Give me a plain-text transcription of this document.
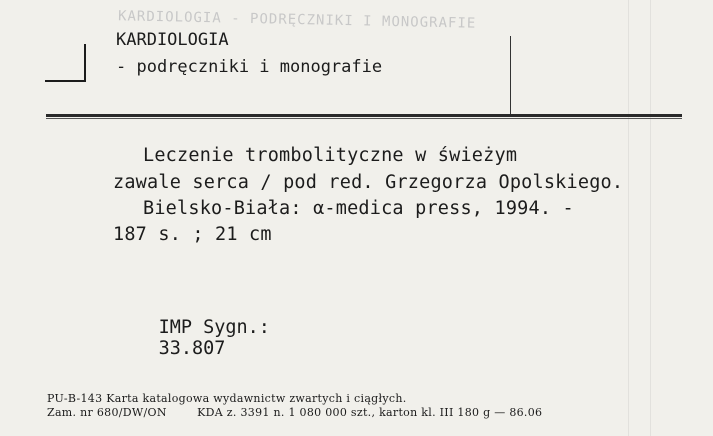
KARDIOLOGIA - PODRĘCZNIKI I MONOGRAFIE
KARDIOLOGIA
- podręczniki i monografie
Leczenie trombolityczne w świeżym
zawale serca / pod red. Grzegorza Opolskiego.
Bielsko-Biała: α-medica press, 1994. -
187 s. ; 21 cm

IMP Sygn.:
33.807

PU-B-143 Karta katalogowa wydawnictw zwartych i ciągłych.
Zam. nr 680/DW/ON        KDA z. 3391 n. 1 080 000 szt., karton kl. III 180 g — 86.06
